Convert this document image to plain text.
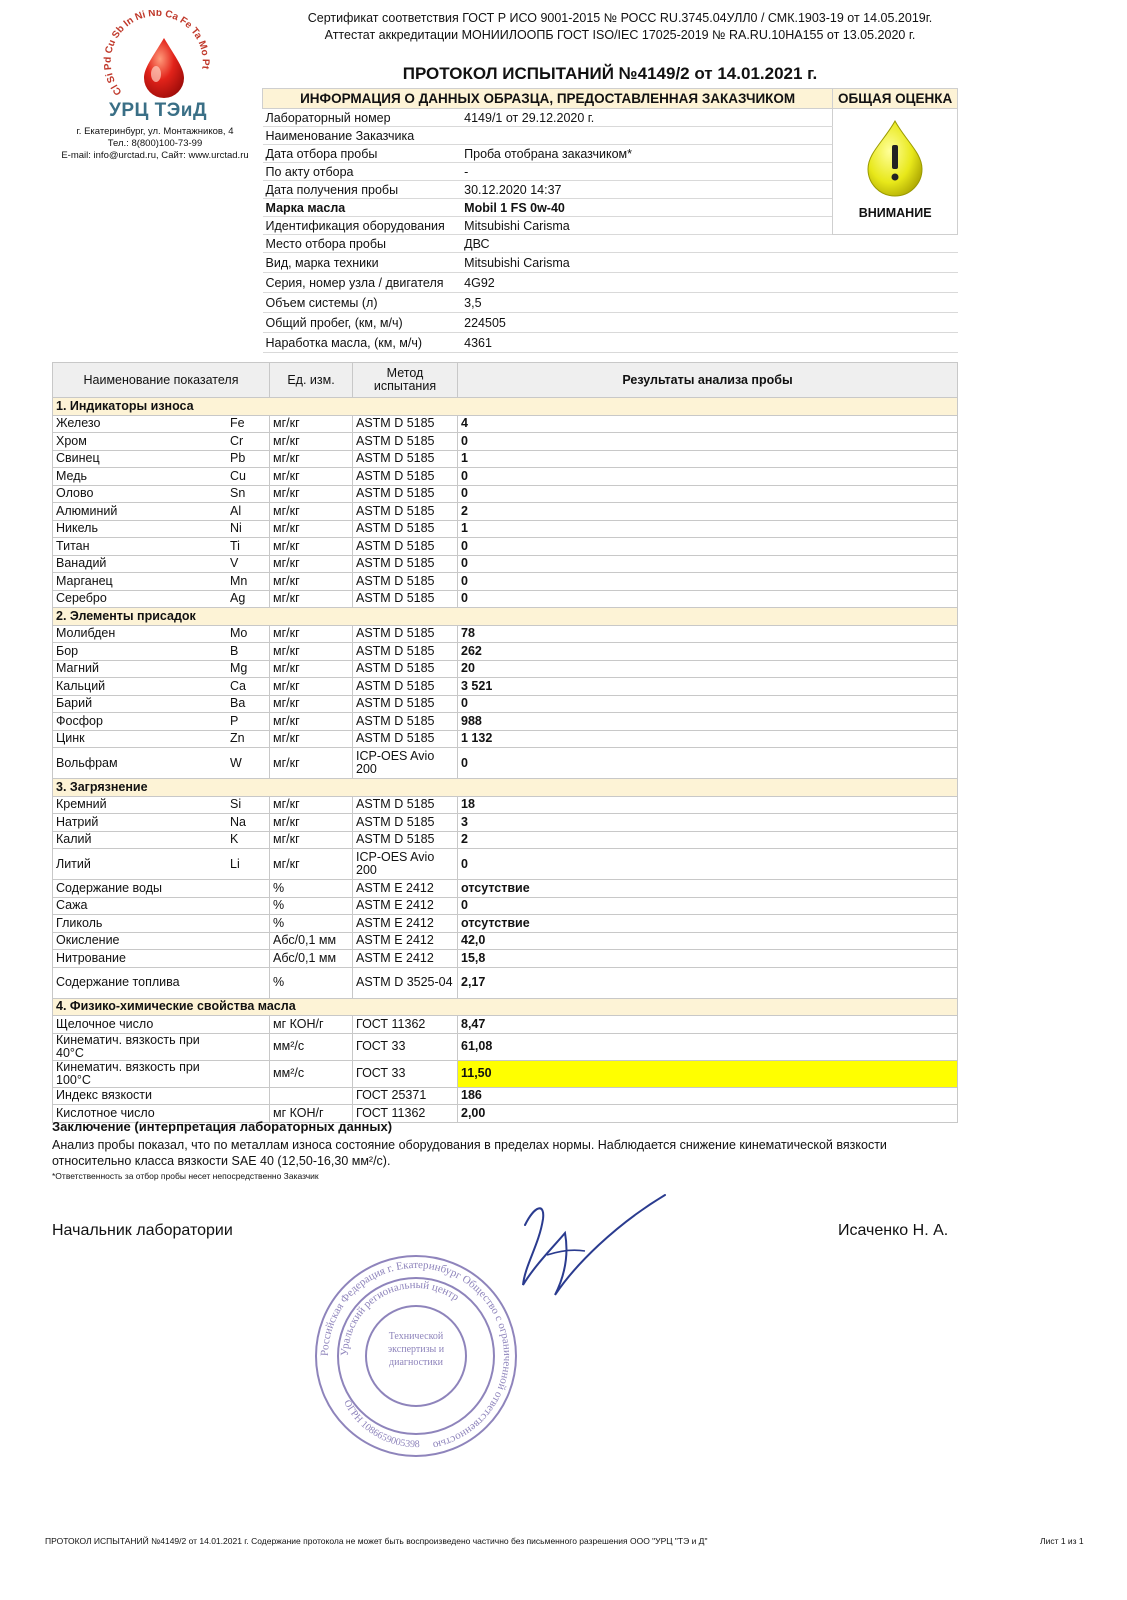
Сертификат соответствия ГОСТ Р ИСО 9001-2015 № РОСС RU.3745.04УЛЛ0 / СМК.1903-19 от 14.05.2019г.
Аттестат аккредитации МОНИИЛООПБ ГОСТ ISO/IEC 17025-2019 № RA.RU.10НА155 от 13.05.2020 г.
Cl Si Pd Cu Sb In Ni Nb Ca Fe Ta Mo Pt
УРЦ ТЭиД
г. Екатеринбург, ул. Монтажников, 4
Тел.: 8(800)100-73-99
E-mail: info@urctad.ru, Сайт: www.urctad.ru
ПРОТОКОЛ ИСПЫТАНИЙ №4149/2 от 14.01.2021 г.
ИНФОРМАЦИЯ О ДАННЫХ ОБРАЗЦА, ПРЕДОСТАВЛЕННАЯ ЗАКАЗЧИКОМ		ОБЩАЯ ОЦЕНКА
Лабораторный номер	4149/1 от 29.12.2020 г.	ВНИМАНИЕ

Наименование Заказчика		
Дата отбора пробы	Проба отобрана заказчиком*	
По акту отбора	-	
Дата получения пробы	30.12.2020 14:37	
Марка масла	Mobil 1 FS 0w-40	
Идентификация оборудования	Mitsubishi Carisma	
Место отбора пробы	ДВС	
Вид, марка техники	Mitsubishi Carisma	
Серия, номер узла / двигателя	4G92	
Объем системы (л)	3,5	
Общий пробег, (км, м/ч)	224505	
Наработка масла, (км, м/ч)	4361	
Наименование показателя		Ед. изм.	Метод испытания	Результаты анализа пробы
1. Индикаторы износа				
Железо	Fe	мг/кг	ASTM D 5185	4
Хром	Cr	мг/кг	ASTM D 5185	0
Свинец	Pb	мг/кг	ASTM D 5185	1
Медь	Cu	мг/кг	ASTM D 5185	0
Олово	Sn	мг/кг	ASTM D 5185	0
Алюминий	Al	мг/кг	ASTM D 5185	2
Никель	Ni	мг/кг	ASTM D 5185	1
Титан	Ti	мг/кг	ASTM D 5185	0
Ванадий	V	мг/кг	ASTM D 5185	0
Марганец	Mn	мг/кг	ASTM D 5185	0
Серебро	Ag	мг/кг	ASTM D 5185	0
2. Элементы присадок				
Молибден	Mo	мг/кг	ASTM D 5185	78
Бор	B	мг/кг	ASTM D 5185	262
Магний	Mg	мг/кг	ASTM D 5185	20
Кальций	Ca	мг/кг	ASTM D 5185	3 521
Барий	Ba	мг/кг	ASTM D 5185	0
Фосфор	P	мг/кг	ASTM D 5185	988
Цинк	Zn	мг/кг	ASTM D 5185	1 132
Вольфрам	W	мг/кг	ICP-OES Avio 200	0
3. Загрязнение				
Кремний	Si	мг/кг	ASTM D 5185	18
Натрий	Na	мг/кг	ASTM D 5185	3
Калий	K	мг/кг	ASTM D 5185	2
Литий	Li	мг/кг	ICP-OES Avio 200	0
Содержание воды		%	ASTM E 2412	отсутствие
Сажа		%	ASTM E 2412	0
Гликоль		%	ASTM E 2412	отсутствие
Окисление		Абс/0,1 мм	ASTM E 2412	42,0
Нитрование		Абс/0,1 мм	ASTM E 2412	15,8
Содержание топлива		%	ASTM D 3525-04	2,17
4. Физико-химические свойства масла				
Щелочное число		мг КОН/г	ГОСТ 11362	8,47
Кинематич. вязкость при 40°С		мм²/с	ГОСТ 33	61,08
Кинематич. вязкость при 100°С		мм²/с	ГОСТ 33	11,50
Индекс вязкости			ГОСТ 25371	186
Кислотное число		мг КОН/г	ГОСТ 11362	2,00
Заключение (интерпретация лабораторных данных)
Анализ пробы показал, что по металлам износа состояние оборудования в пределах нормы. Наблюдается снижение кинематической вязкости относительно класса вязкости SAE 40 (12,50-16,30 мм²/с).
*Ответственность за отбор пробы несет непосредственно Заказчик
Начальник лаборатории	Исаченко Н. А.
Российская Федерация г. Екатеринбург Общество с ограниченной ответственностью
Уральский региональный центр
ОГРН 1086659005398
Технической экспертизы и диагностики
ПРОТОКОЛ ИСПЫТАНИЙ №4149/2 от 14.01.2021 г. Содержание протокола не может быть воспроизведено частично без письменного разрешения ООО "УРЦ "ТЭ и Д"	Лист 1 из 1
